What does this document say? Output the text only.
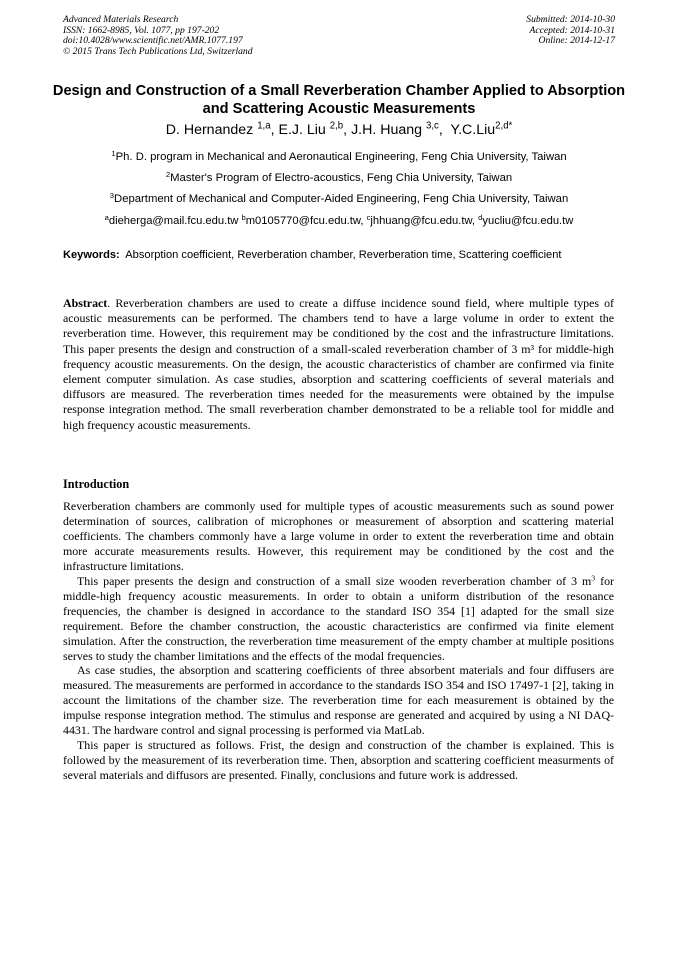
Advanced Materials Research
ISSN: 1662-8985, Vol. 1077, pp 197-202
doi:10.4028/www.scientific.net/AMR.1077.197
© 2015 Trans Tech Publications Ltd, Switzerland
Submitted: 2014-10-30
Accepted: 2014-10-31
Online: 2014-12-17
Design and Construction of a Small Reverberation Chamber Applied to Absorption and Scattering Acoustic Measurements
D. Hernandez $^{1,a}$, E.J. Liu $^{2,b}$, J.H. Huang $^{3,c}$,  Y.C.Liu$^{2,d*}$
$^1$Ph. D. program in Mechanical and Aeronautical Engineering, Feng Chia University, Taiwan
$^2$Master's Program of Electro-acoustics, Feng Chia University, Taiwan
$^3$Department of Mechanical and Computer-Aided Engineering, Feng Chia University, Taiwan
$^a$dieherga@mail.fcu.edu.tw $^b$m0105770@fcu.edu.tw, $^c$jhhuang@fcu.edu.tw, $^d$yucliu@fcu.edu.tw
Keywords: Absorption coefficient, Reverberation chamber, Reverberation time, Scattering coefficient
Abstract. Reverberation chambers are used to create a diffuse incidence sound field, where multiple types of acoustic measurements can be performed. The chambers tend to have a large volume in order to extent the reverberation time. However, this requirement may be conditioned by the cost and the infrastructure limitations. This paper presents the design and construction of a small-scaled reverberation chamber of 3 m³ for middle-high frequency acoustic measurements. On the design, the acoustic characteristics of chamber are confirmed via finite element computer simulation. As case studies, absorption and scattering coefficients of several materials and diffusors are measured. The reverberation times needed for the measurements were obtained by the impulse response integration method. The small reverberation chamber demonstrated to be a reliable tool for middle and high frequency acoustic measurements.
Introduction

Reverberation chambers are commonly used for multiple types of acoustic measurements such as sound power determination of sources, calibration of microphones or measurement of absorption and scattering material coefficients. The chambers commonly have a large volume in order to extent the reverberation time and obtain more accurate measurements results. However, this requirement may be conditioned by the cost and the infrastructure limitations.

This paper presents the design and construction of a small size wooden reverberation chamber of 3 $m^3$ for middle-high frequency acoustic measurements. In order to obtain a uniform distribution of the resonance frequencies, the chamber is designed in accordance to the standard ISO 354 [1] adapted for the small size requirement. Before the chamber construction, the acoustic characteristics are confirmed via finite element simulation. After the construction, the reverberation time measurement of the empty chamber at multiple positions serves to study the chamber limitations and the effects of the modal frequencies.

As case studies, the absorption and scattering coefficients of three absorbent materials and four diffusers are measured. The measurements are performed in accordance to the standards ISO 354 and ISO 17497-1 [2], taking in account the limitations of the chamber size. The reverberation time for each measurement is obtained by the impulse response integration method. The stimulus and response are generated and acquired by using a NI DAQ-4431. The hardware control and signal processing is performed via MatLab.

This paper is structured as follows. Frist, the design and construction of the chamber is explained. This is followed by the measurement of its reverberation time. Then, absorption and scattering coefficient measurments of several materials and diffusors are presented. Finally, conclusions and future work is addressed.
